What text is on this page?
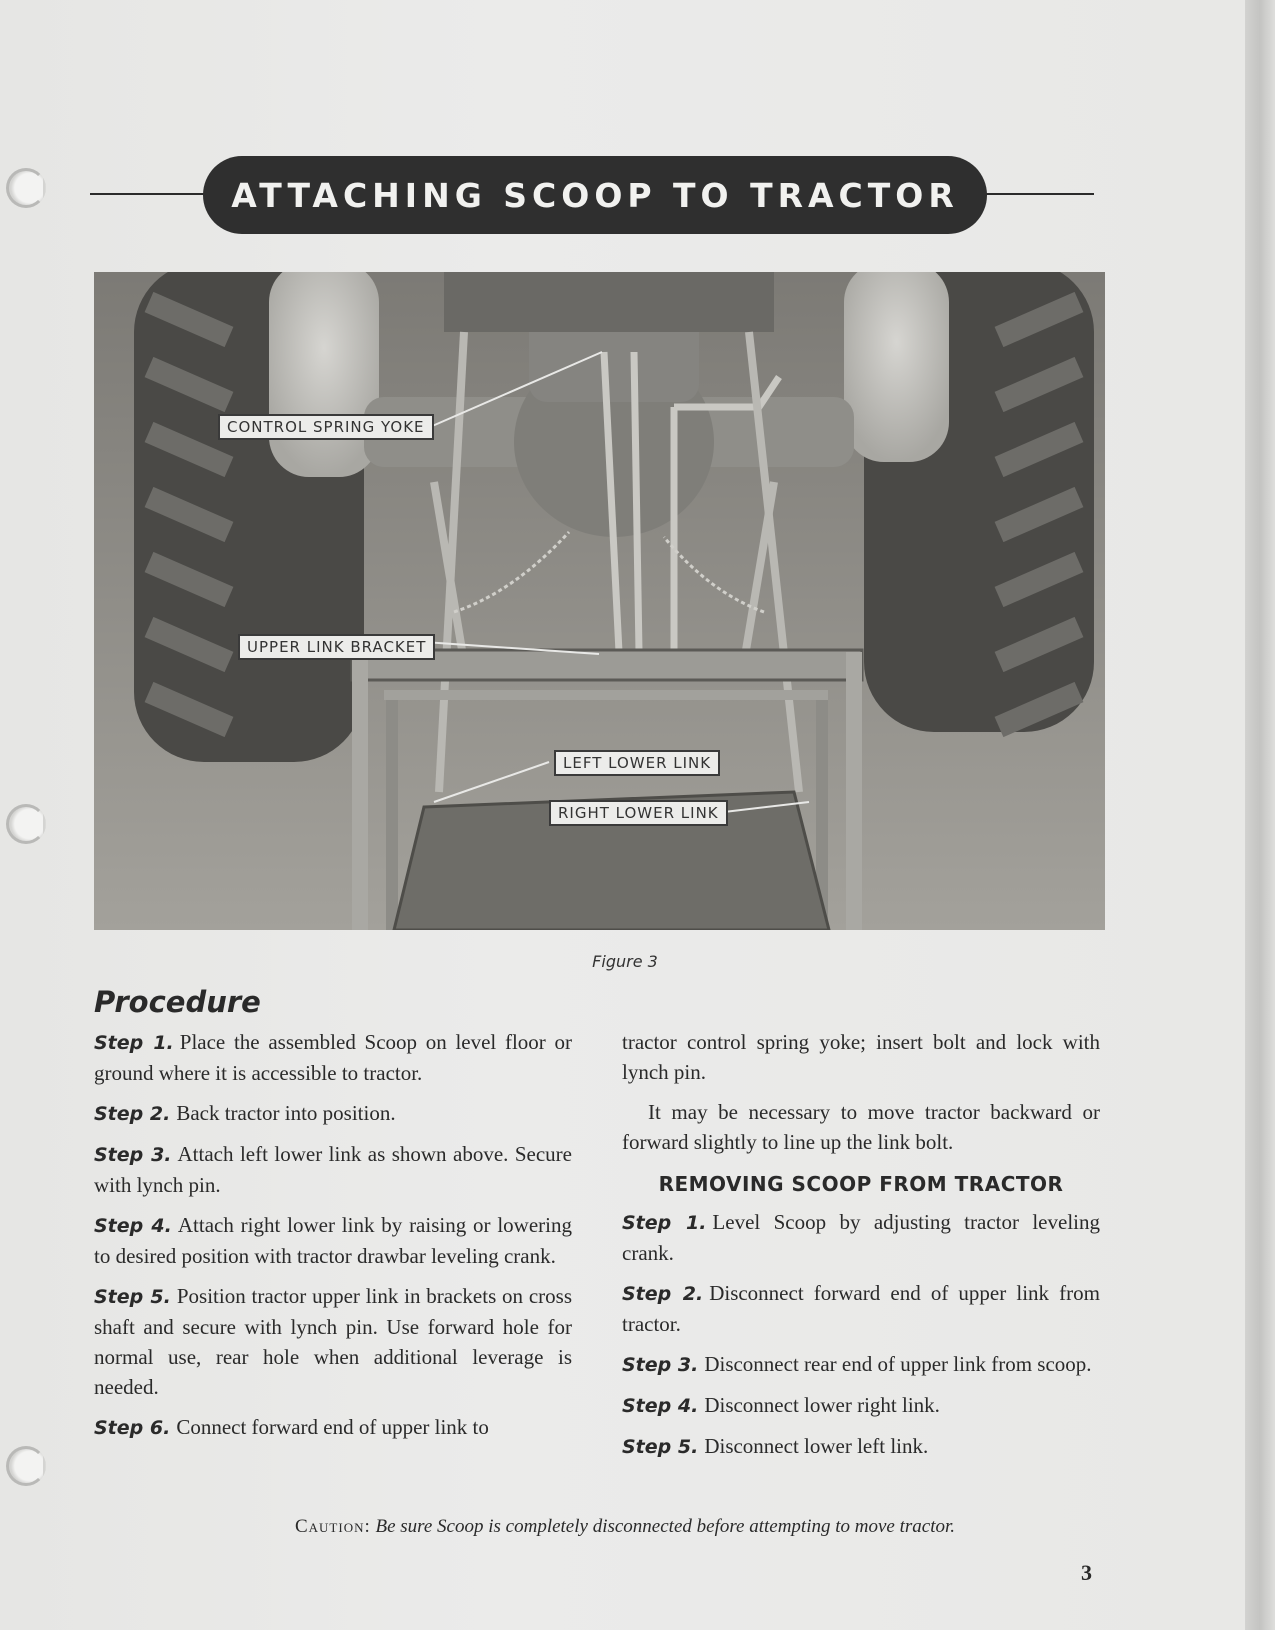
ATTACHING SCOOP TO TRACTOR
CONTROL SPRING YOKE
UPPER LINK BRACKET
LEFT LOWER LINK
RIGHT LOWER LINK
Figure 3
Procedure

Step 1. Place the assembled Scoop on level floor or ground where it is accessible to tractor.

Step 2. Back tractor into position.

Step 3. Attach left lower link as shown above. Secure with lynch pin.

Step 4. Attach right lower link by raising or lowering to desired position with tractor drawbar leveling crank.

Step 5. Position tractor upper link in brackets on cross shaft and secure with lynch pin. Use forward hole for normal use, rear hole when additional leverage is needed.

Step 6. Connect forward end of upper link to

tractor control spring yoke; insert bolt and lock with lynch pin.

It may be necessary to move tractor backward or forward slightly to line up the link bolt.

REMOVING SCOOP FROM TRACTOR

Step 1. Level Scoop by adjusting tractor leveling crank.

Step 2. Disconnect forward end of upper link from tractor.

Step 3. Disconnect rear end of upper link from scoop.

Step 4. Disconnect lower right link.

Step 5. Disconnect lower left link.

Caution: Be sure Scoop is completely disconnected before attempting to move tractor.
3
